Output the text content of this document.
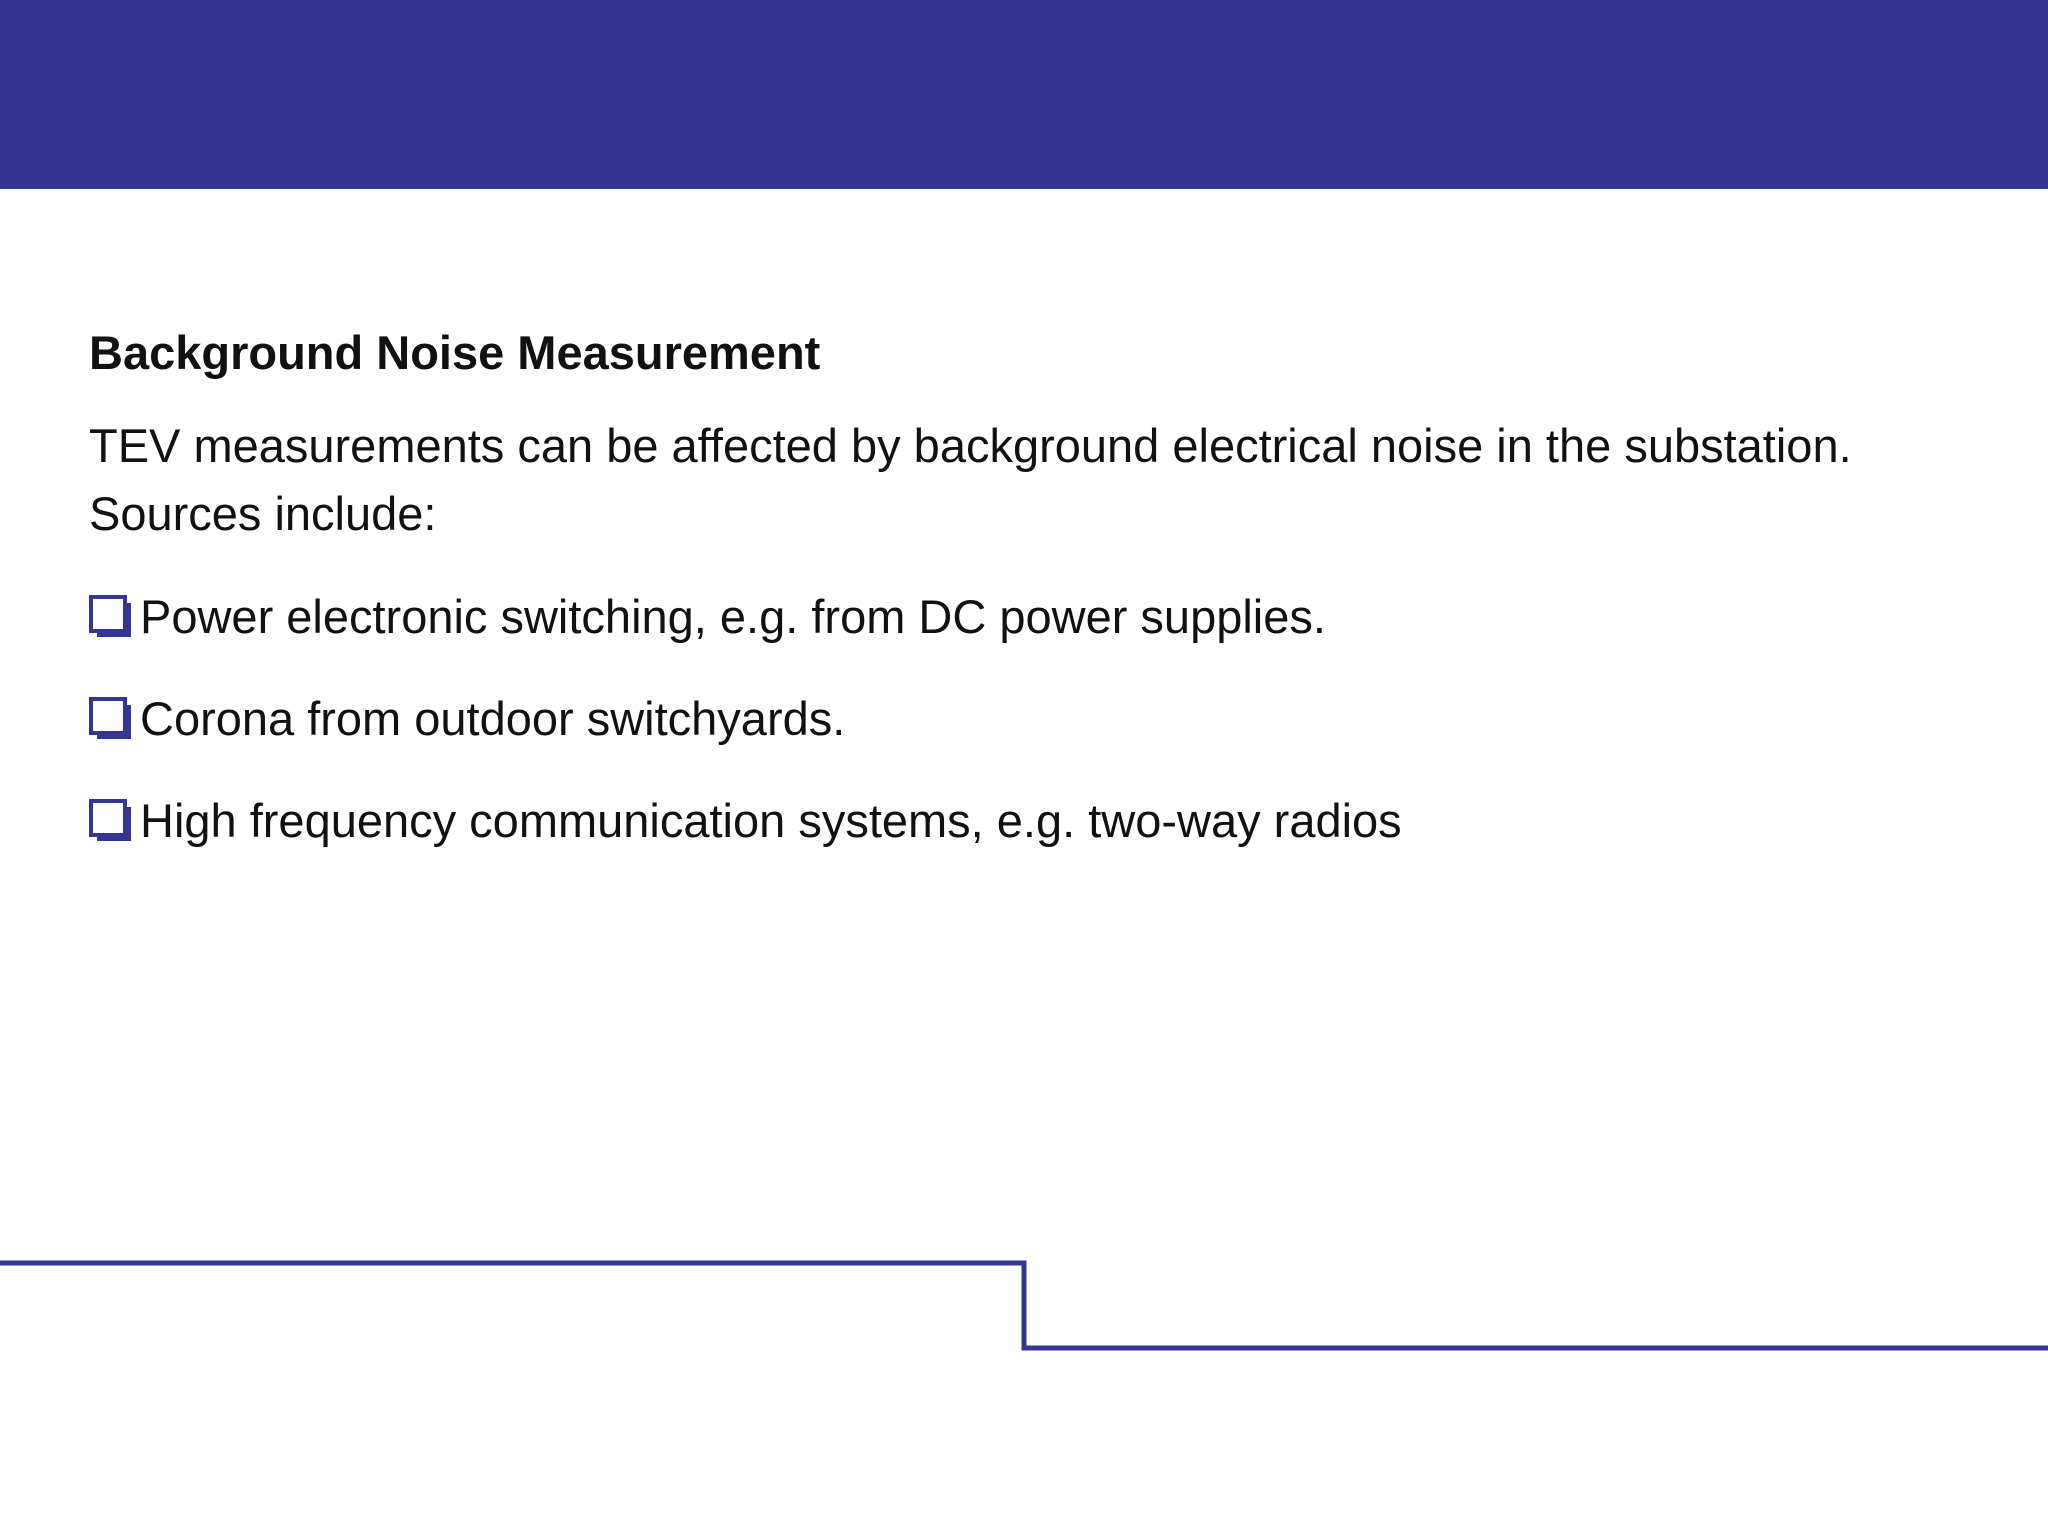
Background Noise Measurement

TEV measurements can be affected by background electrical noise in the substation. Sources include:

Power electronic switching, e.g. from DC power supplies.
Corona from outdoor switchyards.
High frequency communication systems, e.g. two-way radios
